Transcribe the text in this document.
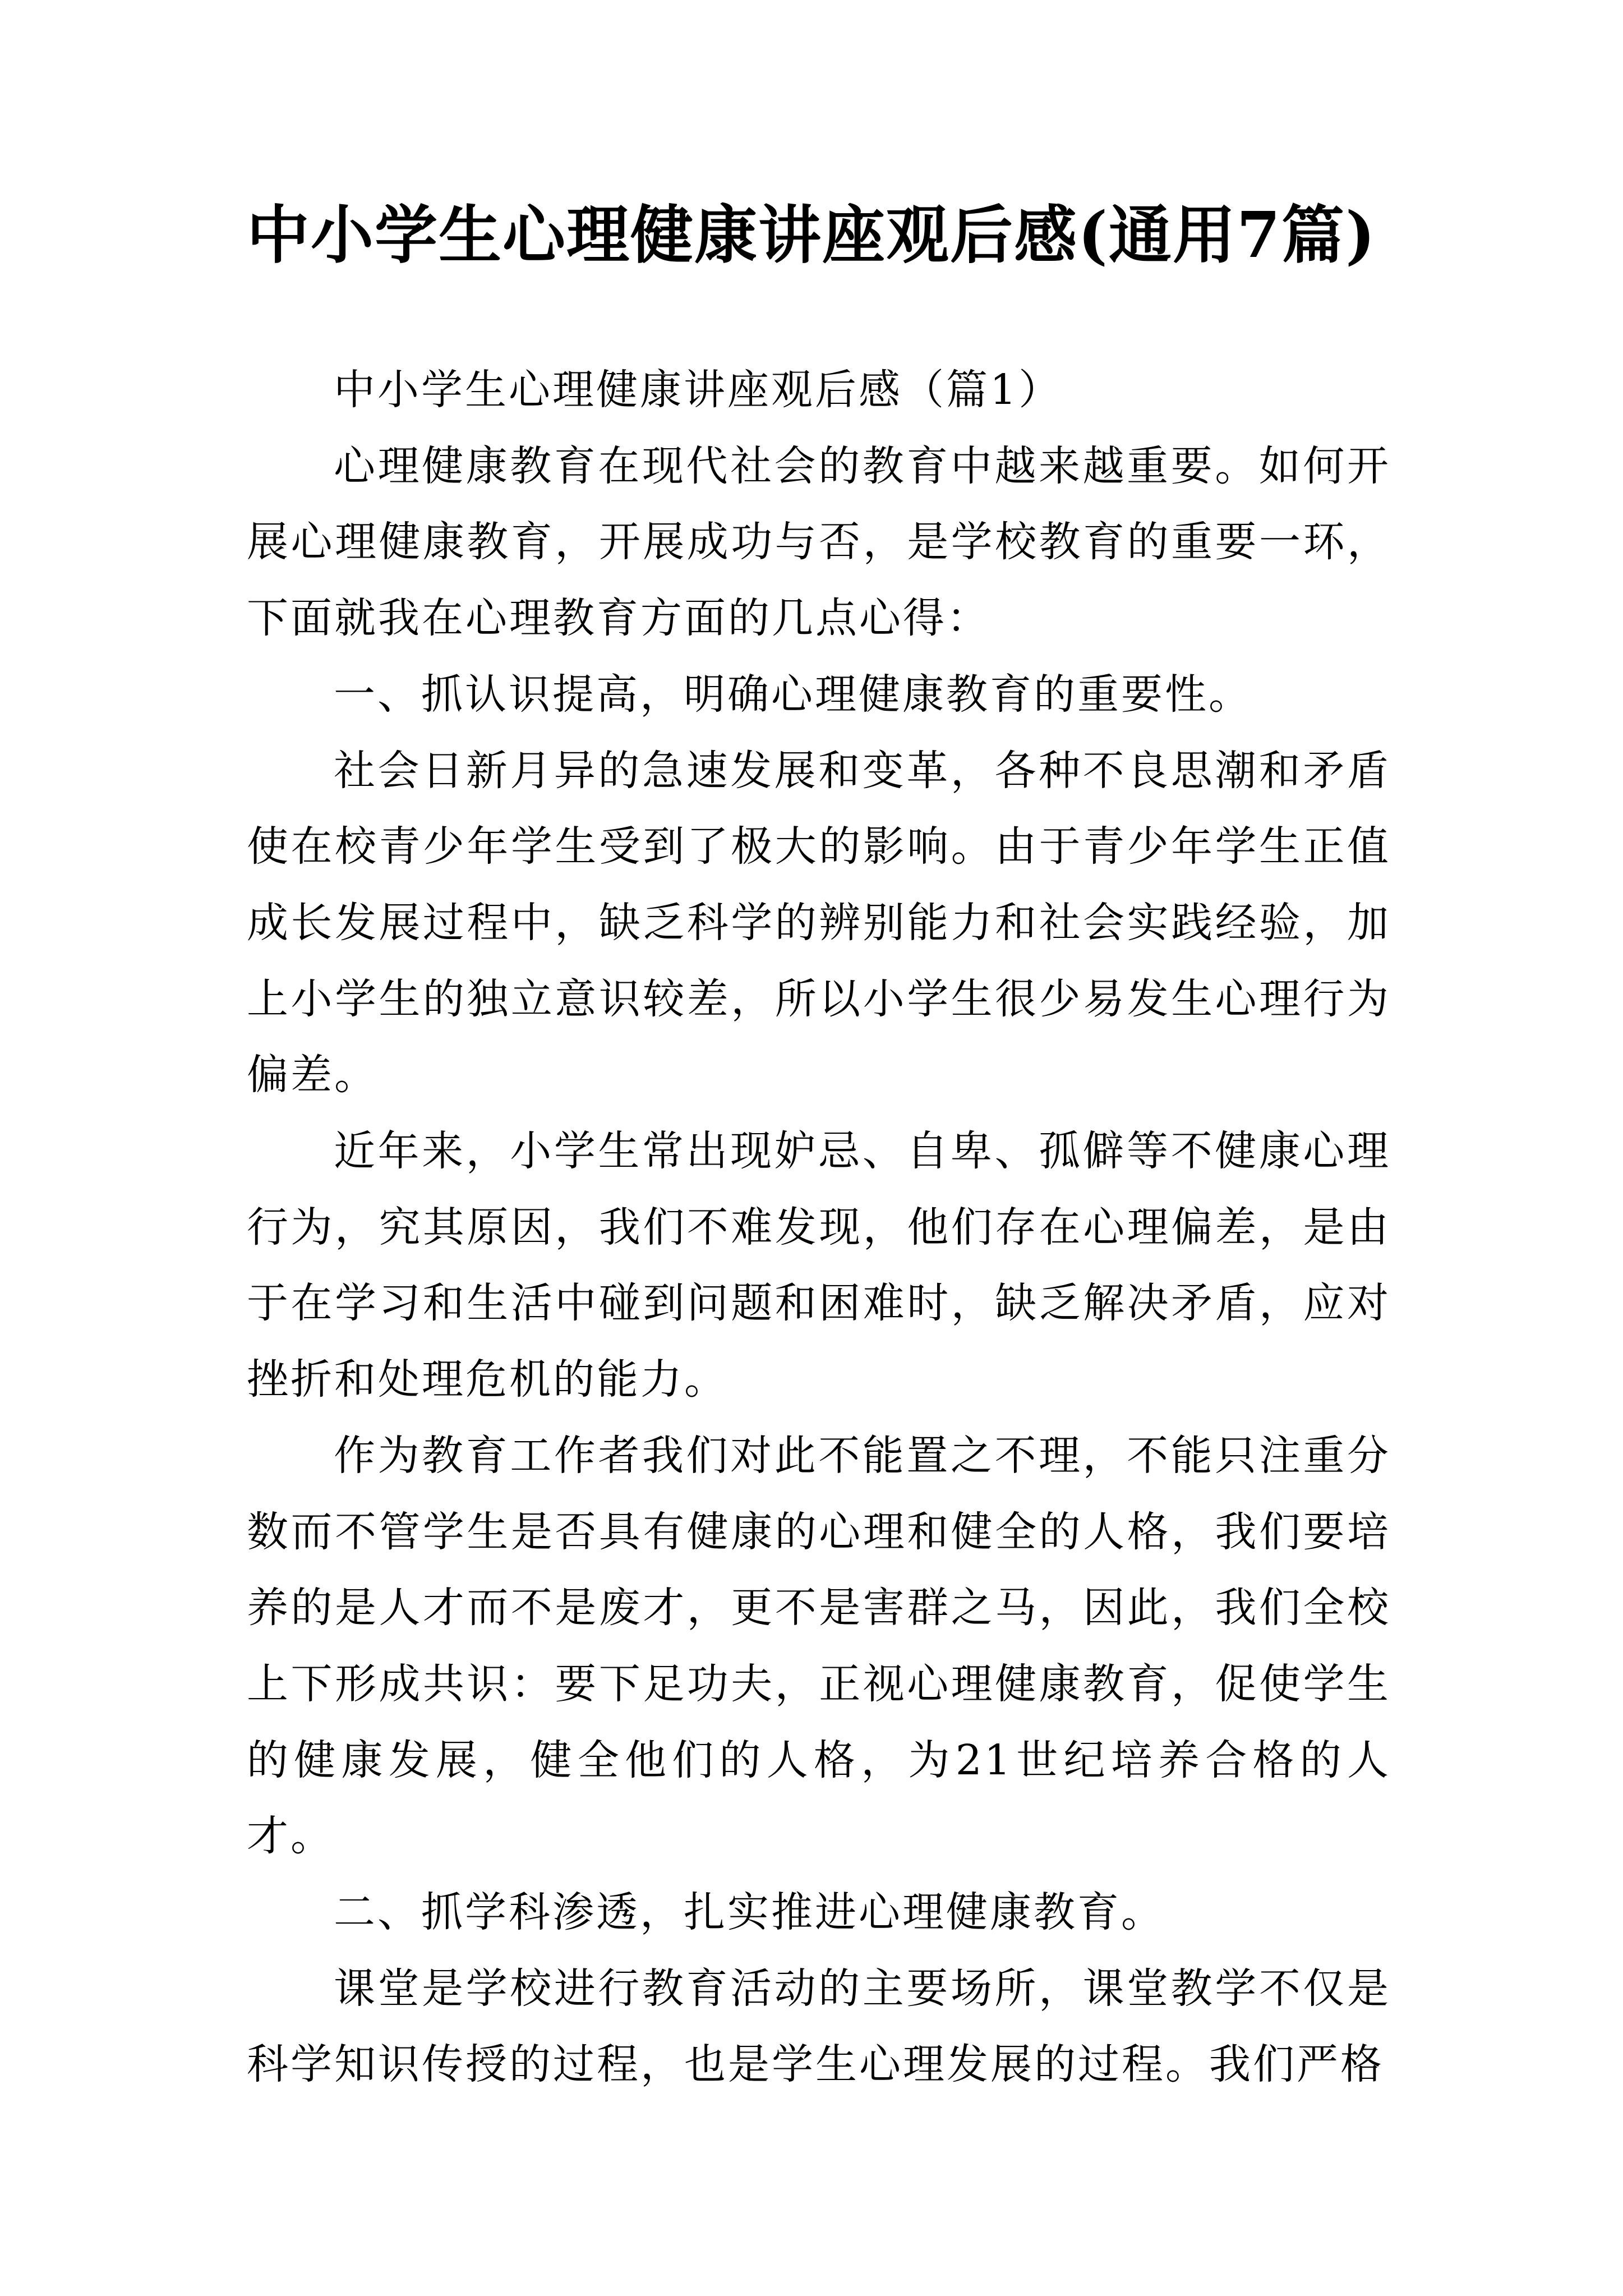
中小学生心理健康讲座观后感(通用7篇)

中小学生心理健康讲座观后感（篇1）

心理健康教育在现代社会的教育中越来越重要。如何开展心理健康教育，开展成功与否，是学校教育的重要一环，下面就我在心理教育方面的几点心得：

一、抓认识提高，明确心理健康教育的重要性。

社会日新月异的急速发展和变革，各种不良思潮和矛盾使在校青少年学生受到了极大的影响。由于青少年学生正值成长发展过程中，缺乏科学的辨别能力和社会实践经验，加上小学生的独立意识较差，所以小学生很少易发生心理行为偏差。

近年来，小学生常出现妒忌、自卑、孤僻等不健康心理行为，究其原因，我们不难发现，他们存在心理偏差，是由于在学习和生活中碰到问题和困难时，缺乏解决矛盾，应对挫折和处理危机的能力。

作为教育工作者我们对此不能置之不理，不能只注重分数而不管学生是否具有健康的心理和健全的人格，我们要培养的是人才而不是废才，更不是害群之马，因此，我们全校上下形成共识：要下足功夫，正视心理健康教育，促使学生的健康发展，健全他们的人格，为21世纪培养合格的人才。

二、抓学科渗透，扎实推进心理健康教育。

课堂是学校进行教育活动的主要场所，课堂教学不仅是科学知识传授的过程，也是学生心理发展的过程。我们严格
